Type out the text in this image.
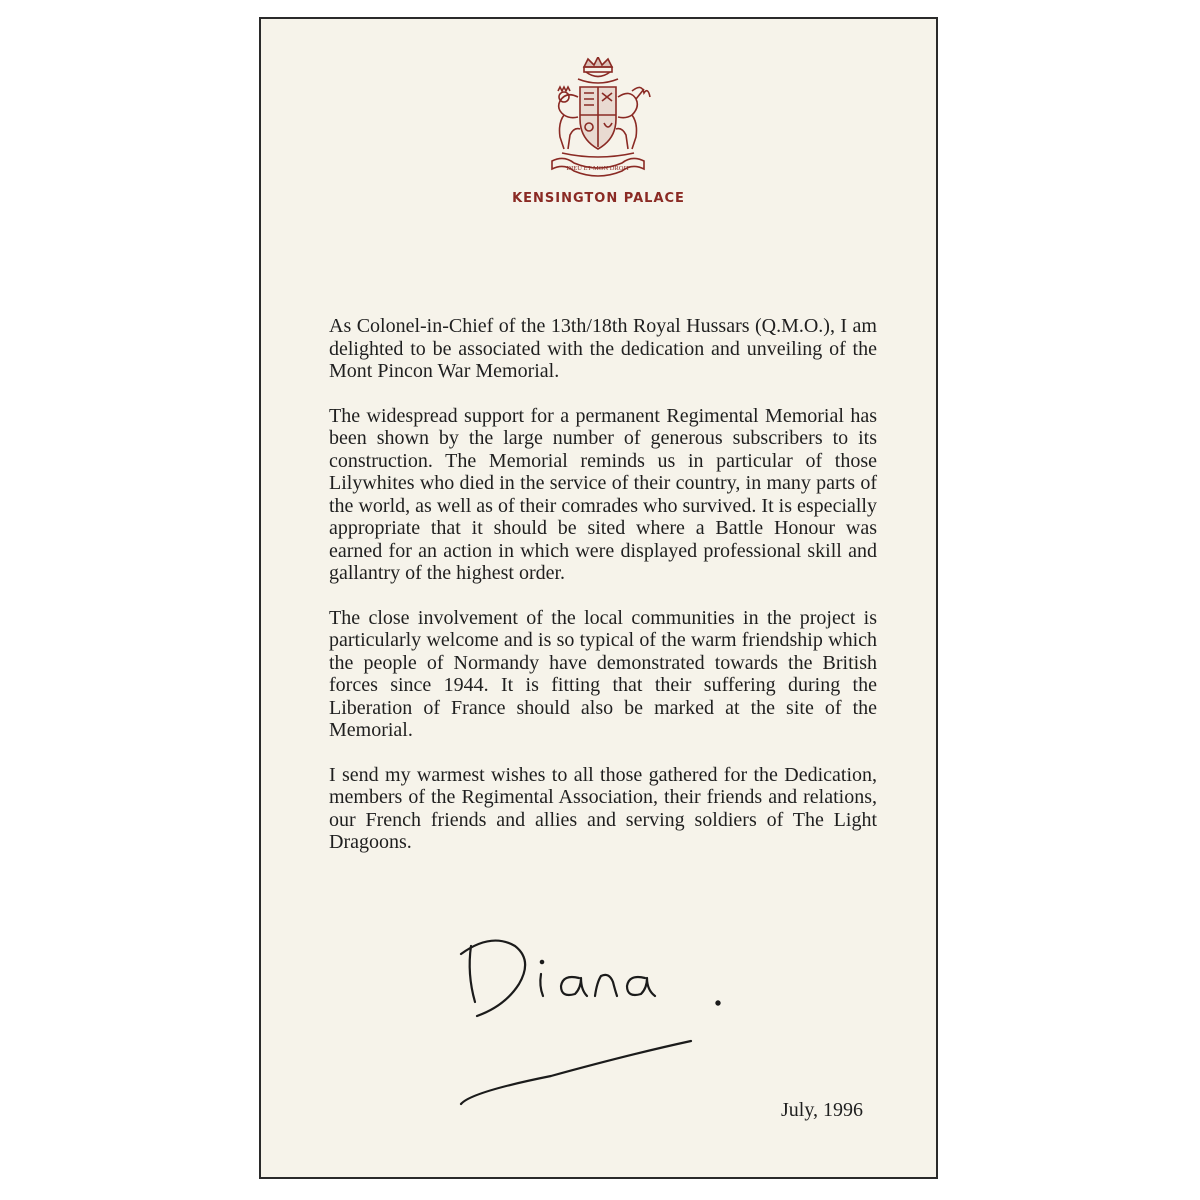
DIEU ET MON DROIT
KENSINGTON PALACE

As Colonel-in-Chief of the 13th/18th Royal Hussars (Q.M.O.), I am delighted to be associated with the dedication and unveiling of the Mont Pincon War Memorial.

The widespread support for a permanent Regimental Memorial has been shown by the large number of generous subscribers to its construction. The Memorial reminds us in particular of those Lilywhites who died in the service of their country, in many parts of the world, as well as of their comrades who survived. It is especially appropriate that it should be sited where a Battle Honour was earned for an action in which were displayed professional skill and gallantry of the highest order.

The close involvement of the local communities in the project is particularly welcome and is so typical of the warm friendship which the people of Normandy have demonstrated towards the British forces since 1944. It is fitting that their suffering during the Liberation of France should also be marked at the site of the Memorial.

I send my warmest wishes to all those gathered for the Dedication, members of the Regimental Association, their friends and relations, our French friends and allies and serving soldiers of The Light Dragoons.

July, 1996
